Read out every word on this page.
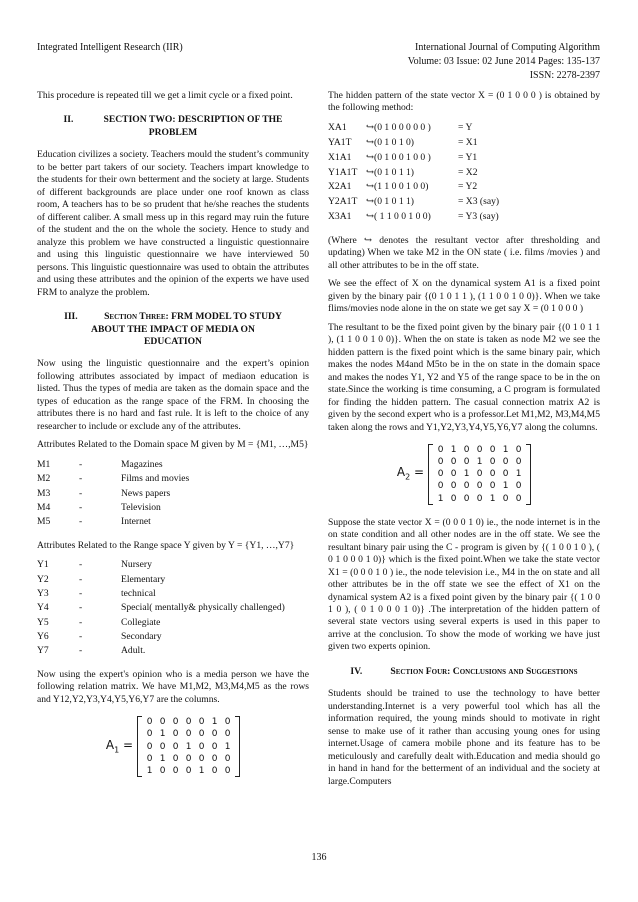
Integrated Intelligent Research (IIR)	International Journal of Computing Algorithm
Volume: 03 Issue: 02 June 2014 Pages: 135-137
ISSN: 2278-2397

This procedure is repeated till we get a limit cycle or a fixed point.

II.	SECTION TWO: DESCRIPTION OF THE
PROBLEM

Education civilizes a society. Teachers mould the student’s community to be better part takers of our society. Teachers impart knowledge to the students for their own betterment and the society at large. Students of different backgrounds are place under one roof known as class room, A teachers has to be so prudent that he/she reaches the students of different caliber. A small mess up in this regard may ruin the future of the student and the on the whole the society. Hence to study and analyze this problem we have constructed a linguistic questionnaire and using this linguistic questionnaire we have interviewed 50 persons. This linguistic questionnaire was used to obtain the attributes and using these attributes and the opinion of the experts we have used FRM to analyze the problem.

III.	Section Three: FRM MODEL TO STUDY
ABOUT THE IMPACT OF MEDIA ON
EDUCATION

Now using the linguistic questionnaire and the expert’s opinion following attributes associated by impact of mediaon education is listed. Thus the types of media are taken as the domain space and the types of education as the range space of the FRM. In choosing the attributes there is no hard and fast rule. It is left to the choice of any researcher to include or exclude any of the attributes.

Attributes Related to the Domain space M given by M = {M1, …,M5}

M1	-	Magazines
M2	-	Films and movies
M3	-	News papers
M4	-	Television
M5	-	Internet

Attributes Related to the Range space Y given by Y = {Y1, …,Y7}

Y1	-	Nursery
Y2	-	Elementary
Y3	-	technical
Y4	-	Special( mentally& physically challenged)
Y5	-	Collegiate
Y6	-	Secondary
Y7	-	Adult.

Now using the expert's opinion who is a media person we have the following relation matrix. We have M1,M2, M3,M4,M5 as the rows and Y12,Y2,Y3,Y4,Y5,Y6,Y7 are the columns.

$A_1$ =
0 0 0 0 0 1 0
0 1 0 0 0 0 0
0 0 0 1 0 0 1
0 1 0 0 0 0 0
1 0 0 0 1 0 0

The hidden pattern of the state vector X = (0 1 0 0 0 ) is obtained by the following method:

XA1	↪(0 1 0 0 0 0 0 )	= Y
YA1T	↪(0 1 0 1 0)	= X1
X1A1	↪(0 1 0 0 1 0 0 )	= Y1
Y1A1T ↪(0 1 0 1 1)	= X2
X2A1	↪(1 1 0 0 1 0 0)	= Y2
Y2A1T ↪(0 1 0 1 1)	= X3 (say)
X3A1	↪( 1 1 0 0 1 0 0)	= Y3 (say)

(Where ↪ denotes the resultant vector after thresholding and updating) When we take M2 in the ON state ( i.e. films /movies ) and all other attributes to be in the off state.

We see the effect of X on the dynamical system A1 is a fixed point given by the binary pair {(0 1 0 1 1 ), (1 1 0 0 1 0 0)}. When we take flims/movies node alone in the on state we get say X = (0 1 0 0 0 )

The resultant to be the fixed point given by the binary pair {(0 1 0 1 1 ), (1 1 0 0 1 0 0)}. When the on state is taken as node M2 we see the hidden pattern is the fixed point which is the same binary pair, which makes the nodes M4and M5to be in the on state in the domain space and makes the nodes Y1, Y2 and Y5 of the range space to be in the on state.Since the working is time consuming, a C program is formulated for finding the hidden pattern. The casual connection matrix A2 is given by the second expert who is a professor.Let M1,M2, M3,M4,M5 taken along the rows and Y1,Y2,Y3,Y4,Y5,Y6,Y7 along the columns.

$A_2$ =
0 1 0 0 0 1 0
0 0 0 1 0 0 0
0 0 1 0 0 0 1
0 0 0 0 0 1 0
1 0 0 0 1 0 0

Suppose the state vector X = (0 0 0 1 0) ie., the node internet is in the on state condition and all other nodes are in the off state. We see the resultant binary pair using the C - program is given by {( 1 0 0 1 0 ), ( 0 1 0 0 0 1 0)} which is the fixed point.When we take the state vector X1 = (0 0 0 1 0 ) ie., the node television i.e., M4 in the on state and all other attributes be in the off state we see the effect of X1 on the dynamical system A2 is a fixed point given by the binary pair {( 1 0 0 1 0 ), ( 0 1 0 0 0 1 0)} .The interpretation of the hidden pattern of several state vectors using several experts is used in this paper to arrive at the conclusion. To show the mode of working we have just given two experts opinion.

IV.	Section Four: Conclusions and Suggestions

Students should be trained to use the technology to have better understanding.Internet is a very powerful tool which has all the information required, the young minds should to motivate in right sense to make use of it rather than accusing young ones for using internet.Usage of camera mobile phone and its feature has to be meticulously and carefully dealt with.Education and media should go in hand in hand for the betterment of an individual and the society at large.Computers

136
